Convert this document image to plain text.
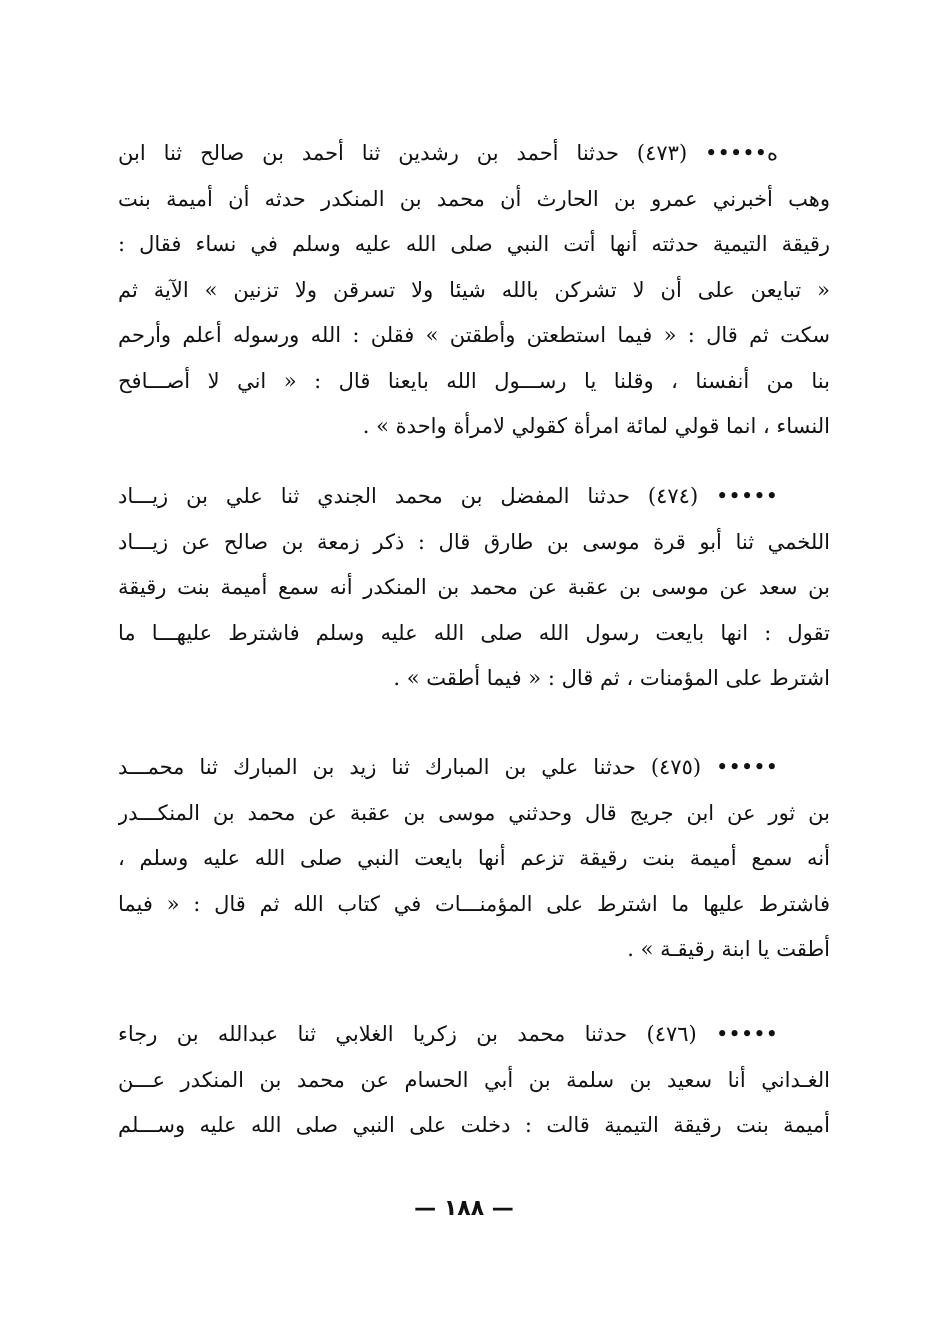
ه••••• (٤٧٣) حدثنا أحمد بن رشدين ثنا أحمد بن صالح ثنا ابن
وهب أخبرني عمرو بن الحارث أن محمد بن المنكدر حدثه أن أميمة بنت
رقيقة التيمية حدثته أنها أتت النبي صلى الله عليه وسلم في نساء فقال :
« تبايعن على أن لا تشركن بالله شيئا ولا تسرقن ولا تزنين » الآية ثم
سكت ثم قال : « فيما استطعتن وأطقتن » فقلن : الله ورسوله أعلم وأرحم
بنا من أنفسنا ، وقلنا يا رســـول الله بايعنا قال : « اني لا أصـــافح
النساء ، انما قولي لمائة امرأة كقولي لامرأة واحدة » .
••••• (٤٧٤) حدثنا المفضل بن محمد الجندي ثنا علي بن زيـــاد
اللخمي ثنا أبو قرة موسى بن طارق قال : ذكر زمعة بن صالح عن زيـــاد
بن سعد عن موسى بن عقبة عن محمد بن المنكدر أنه سمع أميمة بنت رقيقة
تقول : انها بايعت رسول الله صلى الله عليه وسلم فاشترط عليهـــا ما
اشترط على المؤمنات ، ثم قال : « فيما أطقت » .
••••• (٤٧٥) حدثنا علي بن المبارك ثنا زيد بن المبارك ثنا محمـــد
بن ثور عن ابن جريج قال وحدثني موسى بن عقبة عن محمد بن المنكـــدر
أنه سمع أميمة بنت رقيقة تزعم أنها بايعت النبي صلى الله عليه وسلم ،
فاشترط عليها ما اشترط على المؤمنـــات في كتاب الله ثم قال : « فيما
أطقت يا ابنة رقيقـة » .
••••• (٤٧٦) حدثنا محمد بن زكريا الغلابي ثنا عبدالله بن رجاء
الغـداني أنا سعيد بن سلمة بن أبي الحسام عن محمد بن المنكدر عـــن
أميمة بنت رقيقة التيمية قالت : دخلت على النبي صلى الله عليه وســـلم
— ١٨٨ —
